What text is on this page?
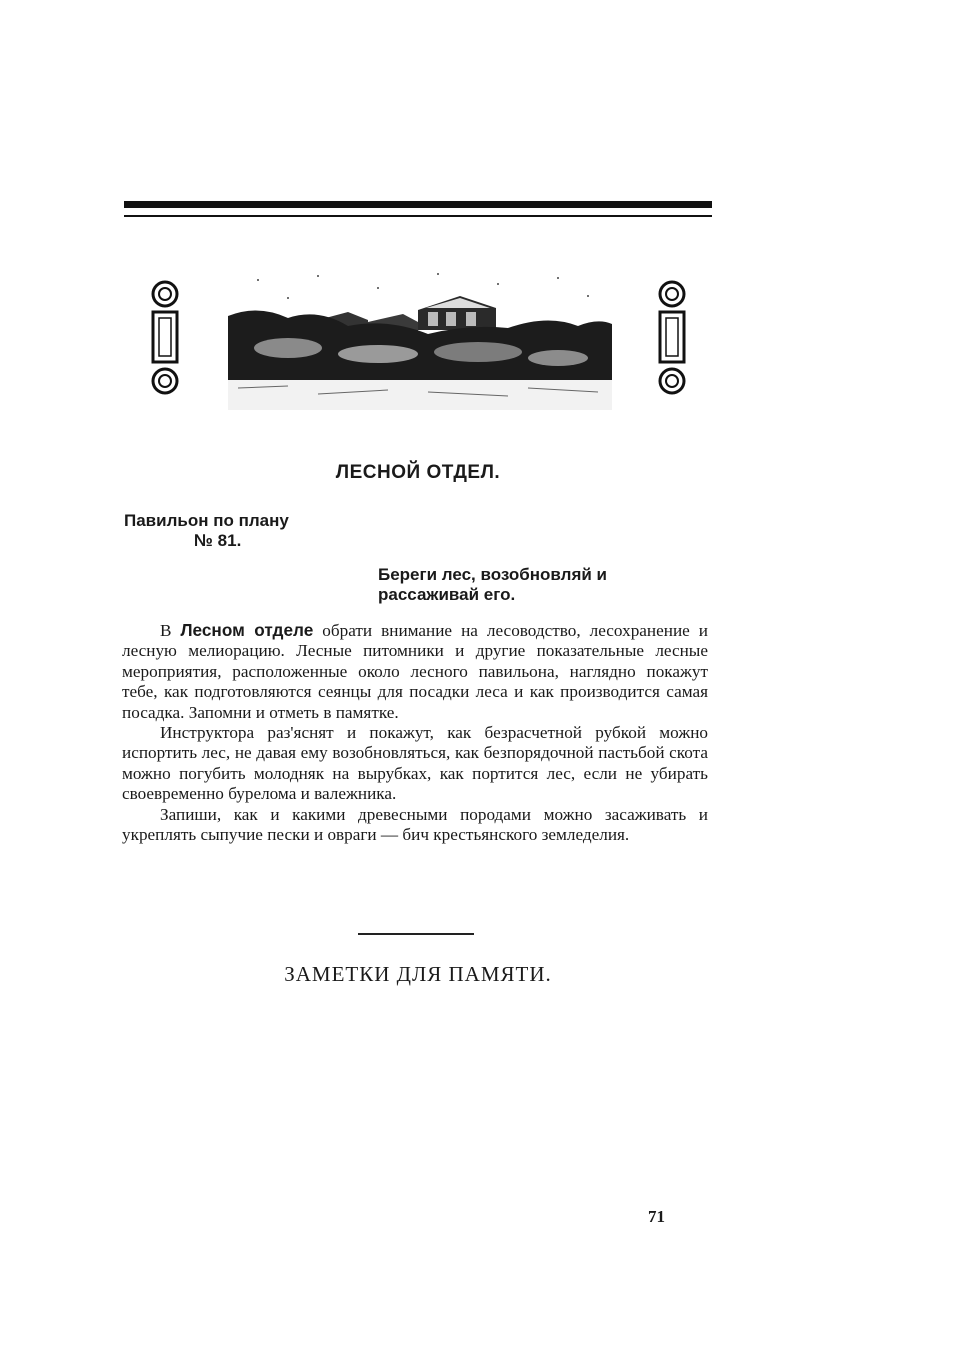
ЛЕСНОЙ ОТДЕЛ.
Павильон по плану
№ 81.
Береги лес, возобновляй и рассаживай его.

В Лесном отделе обрати внимание на лесоводство, лесохранение и лесную мелиорацию. Лесные питомники и другие показательные лесные мероприятия, расположенные около лесного павильона, наглядно покажут тебе, как подготовляются сеянцы для посадки леса и как производится самая посадка. Запомни и отметь в памятке.

Инструктора раз'яснят и покажут, как безрасчетной рубкой можно испортить лес, не давая ему возобновляться, как безпорядочной пастьбой скота можно погубить молодняк на вырубках, как портится лес, если не убирать своевременно бурелома и валежника.

Запиши, как и какими древесными породами можно засаживать и укреплять сыпучие пески и овраги — бич крестьянского земледелия.

ЗАМЕТКИ ДЛЯ ПАМЯТИ.
71
